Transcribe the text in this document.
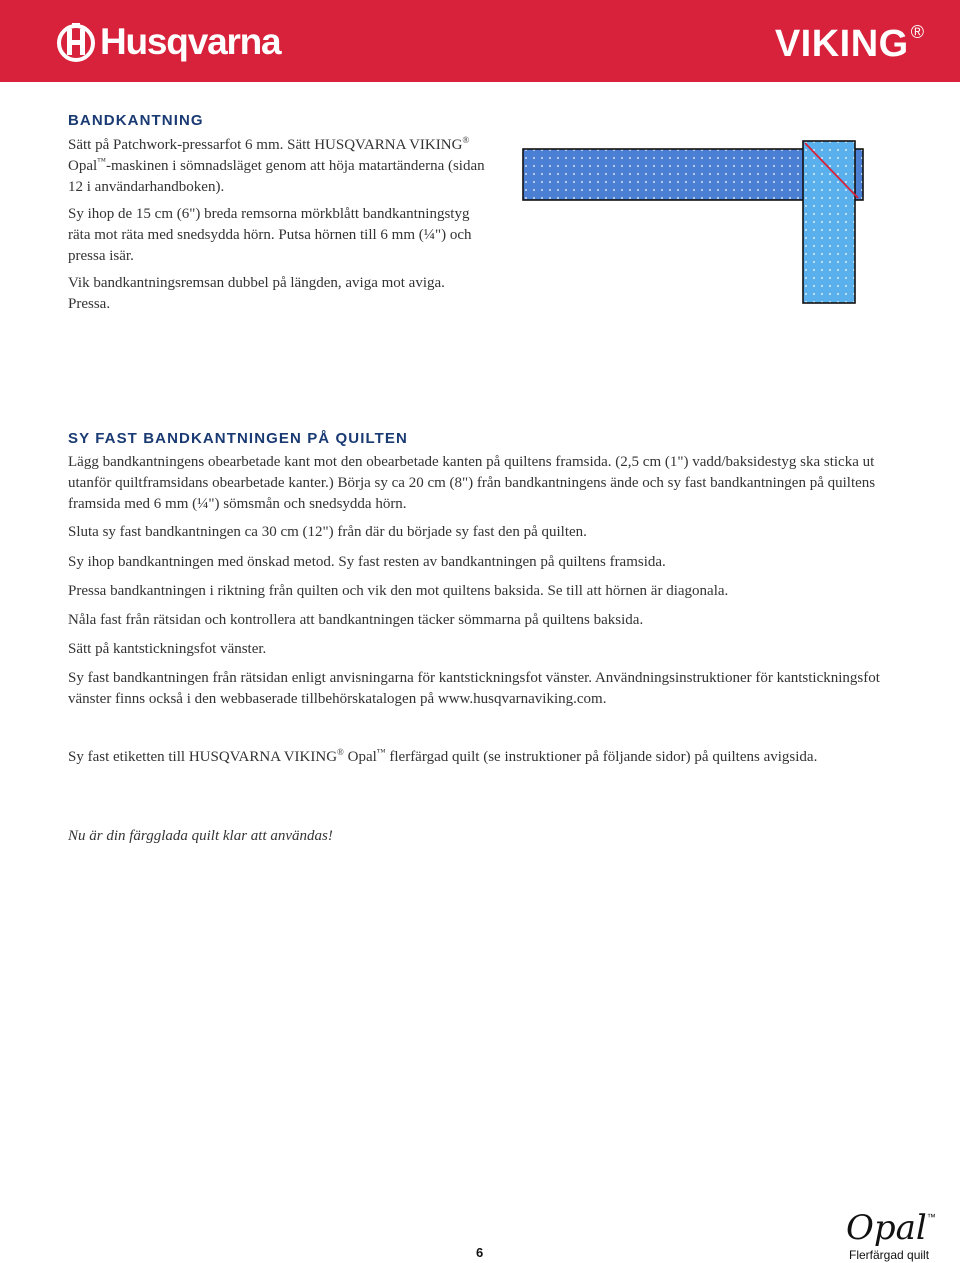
Husqvarna	VIKING ®
BANDKANTNING

Sätt på Patchwork-pressarfot 6 mm. Sätt HUSQVARNA VIKING® Opal™-maskinen i sömnadsläget genom att höja matartänderna (sidan 12 i användarhandboken).

Sy ihop de 15 cm (6") breda remsorna mörkblått bandkantningstyg räta mot räta med snedsydda hörn. Putsa hörnen till 6 mm (¼") och pressa isär.

Vik bandkantningsremsan dubbel på längden, aviga mot aviga. Pressa.

SY FAST BANDKANTNINGEN PÅ QUILTEN

Lägg bandkantningens obearbetade kant mot den obearbetade kanten på quiltens framsida. (2,5 cm (1") vadd/baksidestyg ska sticka ut utanför quiltframsidans obearbetade kanter.) Börja sy ca 20 cm (8") från bandkantningens ände och sy fast bandkantningen på quiltens framsida med 6 mm (¼") sömsmån och snedsydda hörn.

Sluta sy fast bandkantningen ca 30 cm (12") från där du började sy fast den på quilten.

Sy ihop bandkantningen med önskad metod. Sy fast resten av bandkantningen på quiltens framsida.

Pressa bandkantningen i riktning från quilten och vik den mot quiltens baksida. Se till att hörnen är diagonala.

Nåla fast från rätsidan och kontrollera att bandkantningen täcker sömmarna på quiltens baksida.

Sätt på kantstickningsfot vänster.

Sy fast bandkantningen från rätsidan enligt anvisningarna för kantstickningsfot vänster. Användningsinstruktioner för kantstickningsfot vänster finns också i den webbaserade tillbehörskatalogen på www.husqvarnaviking.com.

Sy fast etiketten till HUSQVARNA VIKING® Opal™ flerfärgad quilt (se instruktioner på följande sidor) på quiltens avigsida.

Nu är din färgglada quilt klar att användas!

6
Opal™
Flerfärgad quilt
